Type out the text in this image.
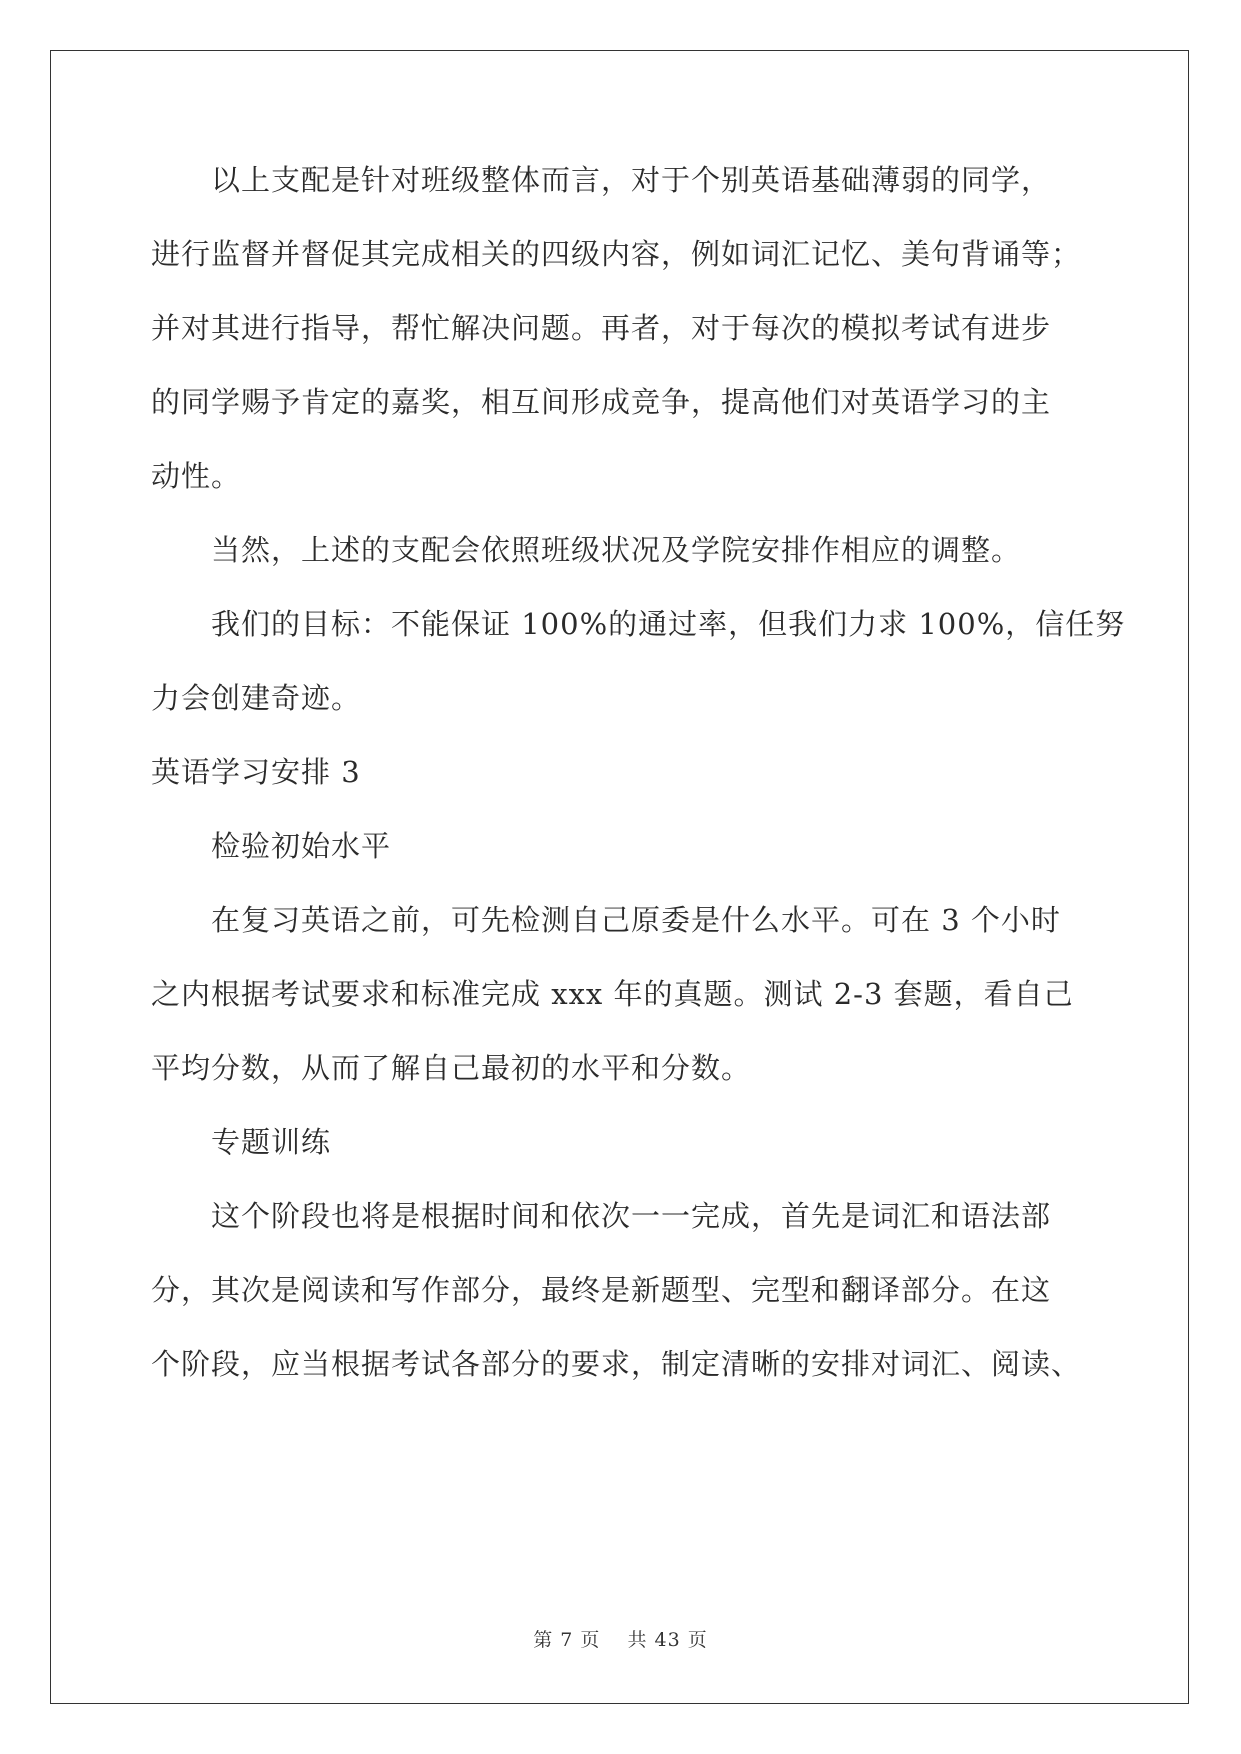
　　以上支配是针对班级整体而言，对于个别英语基础薄弱的同学，
进行监督并督促其完成相关的四级内容，例如词汇记忆、美句背诵等；
并对其进行指导，帮忙解决问题。再者，对于每次的模拟考试有进步
的同学赐予肯定的嘉奖，相互间形成竞争，提高他们对英语学习的主
动性。
　　当然，上述的支配会依照班级状况及学院安排作相应的调整。
　　我们的目标：不能保证 100%的通过率，但我们力求 100%，信任努
力会创建奇迹。
英语学习安排 3
　　检验初始水平
　　在复习英语之前，可先检测自己原委是什么水平。可在 3 个小时
之内根据考试要求和标准完成 xxx 年的真题。测试 2-3 套题，看自己
平均分数，从而了解自己最初的水平和分数。
　　专题训练
　　这个阶段也将是根据时间和依次一一完成，首先是词汇和语法部
分，其次是阅读和写作部分，最终是新题型、完型和翻译部分。在这
个阶段，应当根据考试各部分的要求，制定清晰的安排对词汇、阅读、
第 7 页　 共 43 页
